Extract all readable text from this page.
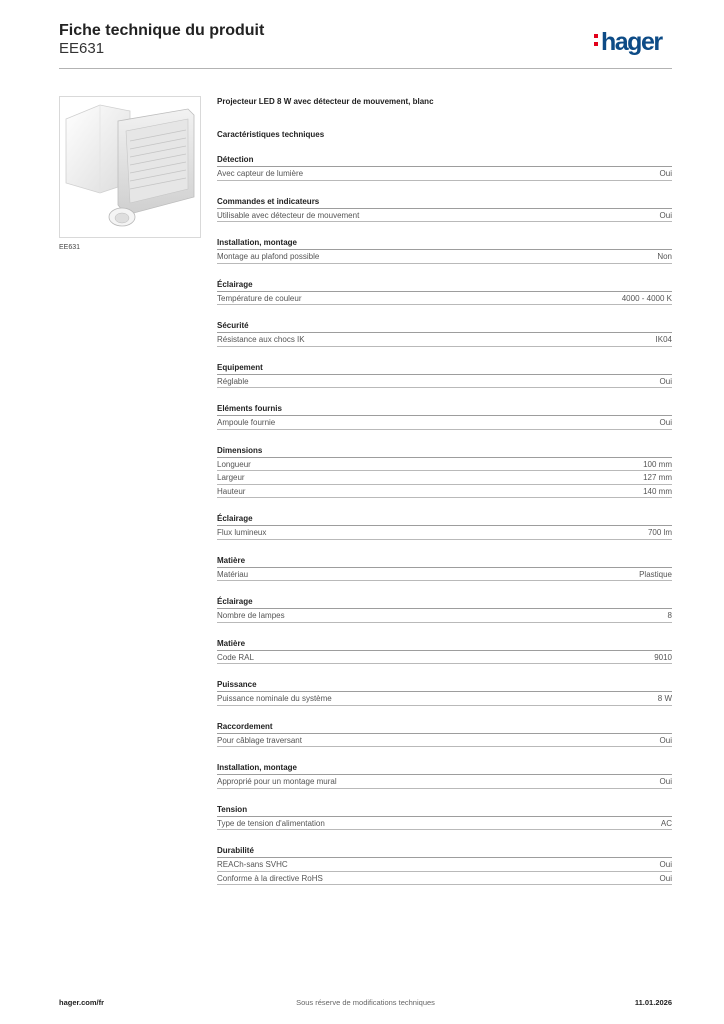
Fiche technique du produit
EE631	hager
EE631
Projecteur LED 8 W avec détecteur de mouvement, blanc
Caractéristiques techniques
Détection
Avec capteur de lumière	Oui
Commandes et indicateurs
Utilisable avec détecteur de mouvement	Oui
Installation, montage
Montage au plafond possible	Non
Éclairage
Température de couleur	4000 - 4000 K
Sécurité
Résistance aux chocs IK	IK04
Equipement
Réglable	Oui
Eléments fournis
Ampoule fournie	Oui
Dimensions
Longueur	100 mm
Largeur	127 mm
Hauteur	140 mm
Éclairage
Flux lumineux	700 lm
Matière
Matériau	Plastique
Éclairage
Nombre de lampes	8
Matière
Code RAL	9010
Puissance
Puissance nominale du système	8 W
Raccordement
Pour câblage traversant	Oui
Installation, montage
Approprié pour un montage mural	Oui
Tension
Type de tension d'alimentation	AC
Durabilité
REACh-sans SVHC	Oui
Conforme à la directive RoHS	Oui
hager.com/fr	Sous réserve de modifications techniques	11.01.2026
